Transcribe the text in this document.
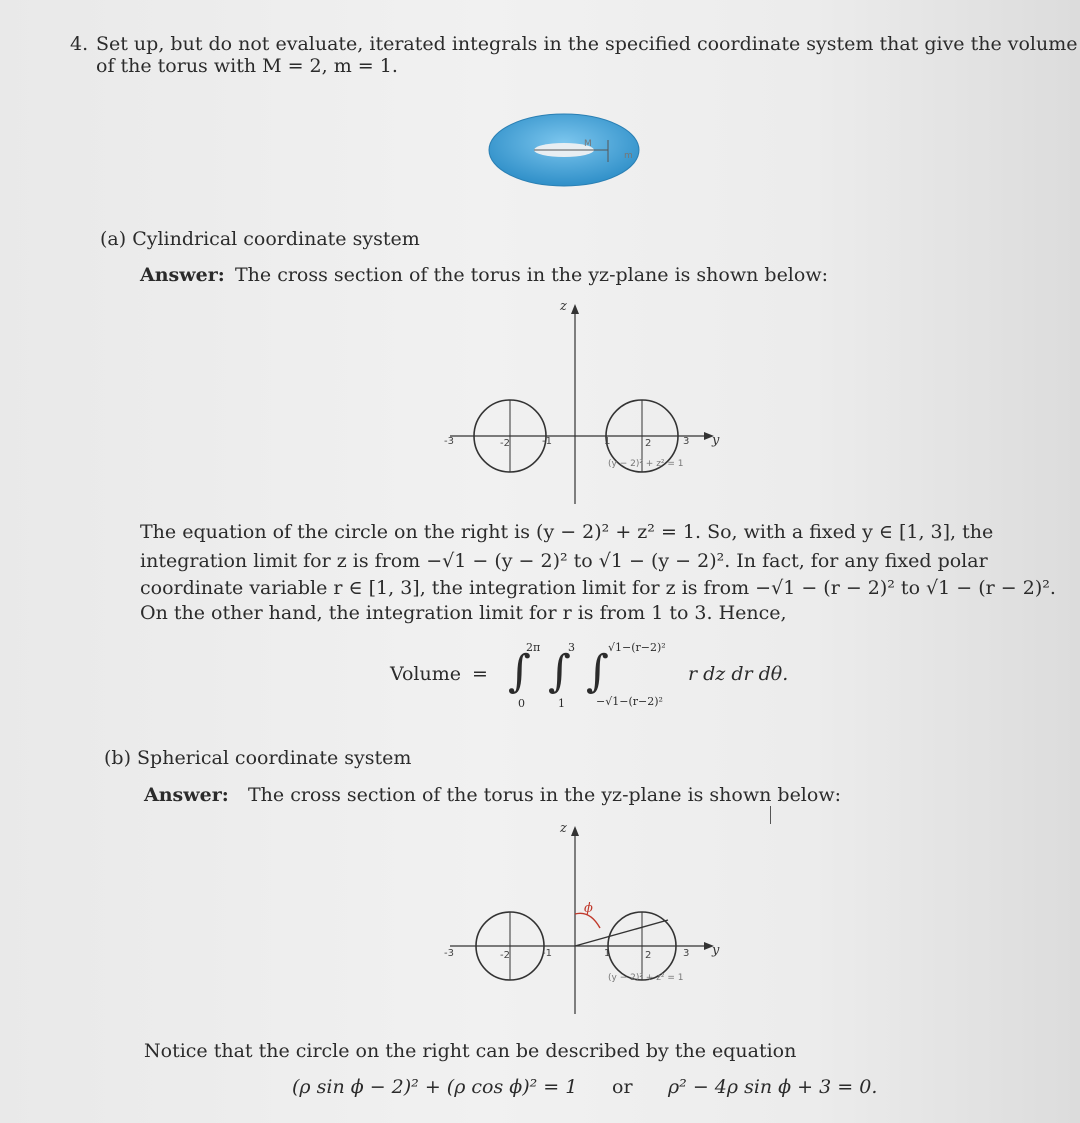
4. Set up, but do not evaluate, iterated integrals in the specified coordinate system that give the volume
of the torus with M = 2, m = 1.
M
m
(a) Cylindrical coordinate system
Answer: The cross section of the torus in the yz-plane is shown below:
z
y
-3	-2	-1	1	2	3
(y − 2)² + z² = 1
The equation of the circle on the right is (y − 2)² + z² = 1. So, with a fixed y ∈ [1, 3], the
integration limit for z is from −√1 − (y − 2)² to √1 − (y − 2)². In fact, for any fixed polar
coordinate variable r ∈ [1, 3], the integration limit for z is from −√1 − (r − 2)² to √1 − (r − 2)².
On the other hand, the integration limit for r is from 1 to 3. Hence,
Volume = ∫
2π
0
∫
3
1
∫ √1−(r−2)²
−√1−(r−2)²
r dz dr dθ.
(b) Spherical coordinate system
Answer: The cross section of the torus in the yz-plane is shown below:
z
y
ϕ
-3	-2	-1	1	2	3
(y − 2)² + z² = 1
Notice that the circle on the right can be described by the equation
(ρ sin ϕ − 2)² + (ρ cos ϕ)² = 1 or ρ² − 4ρ sin ϕ + 3 = 0.
